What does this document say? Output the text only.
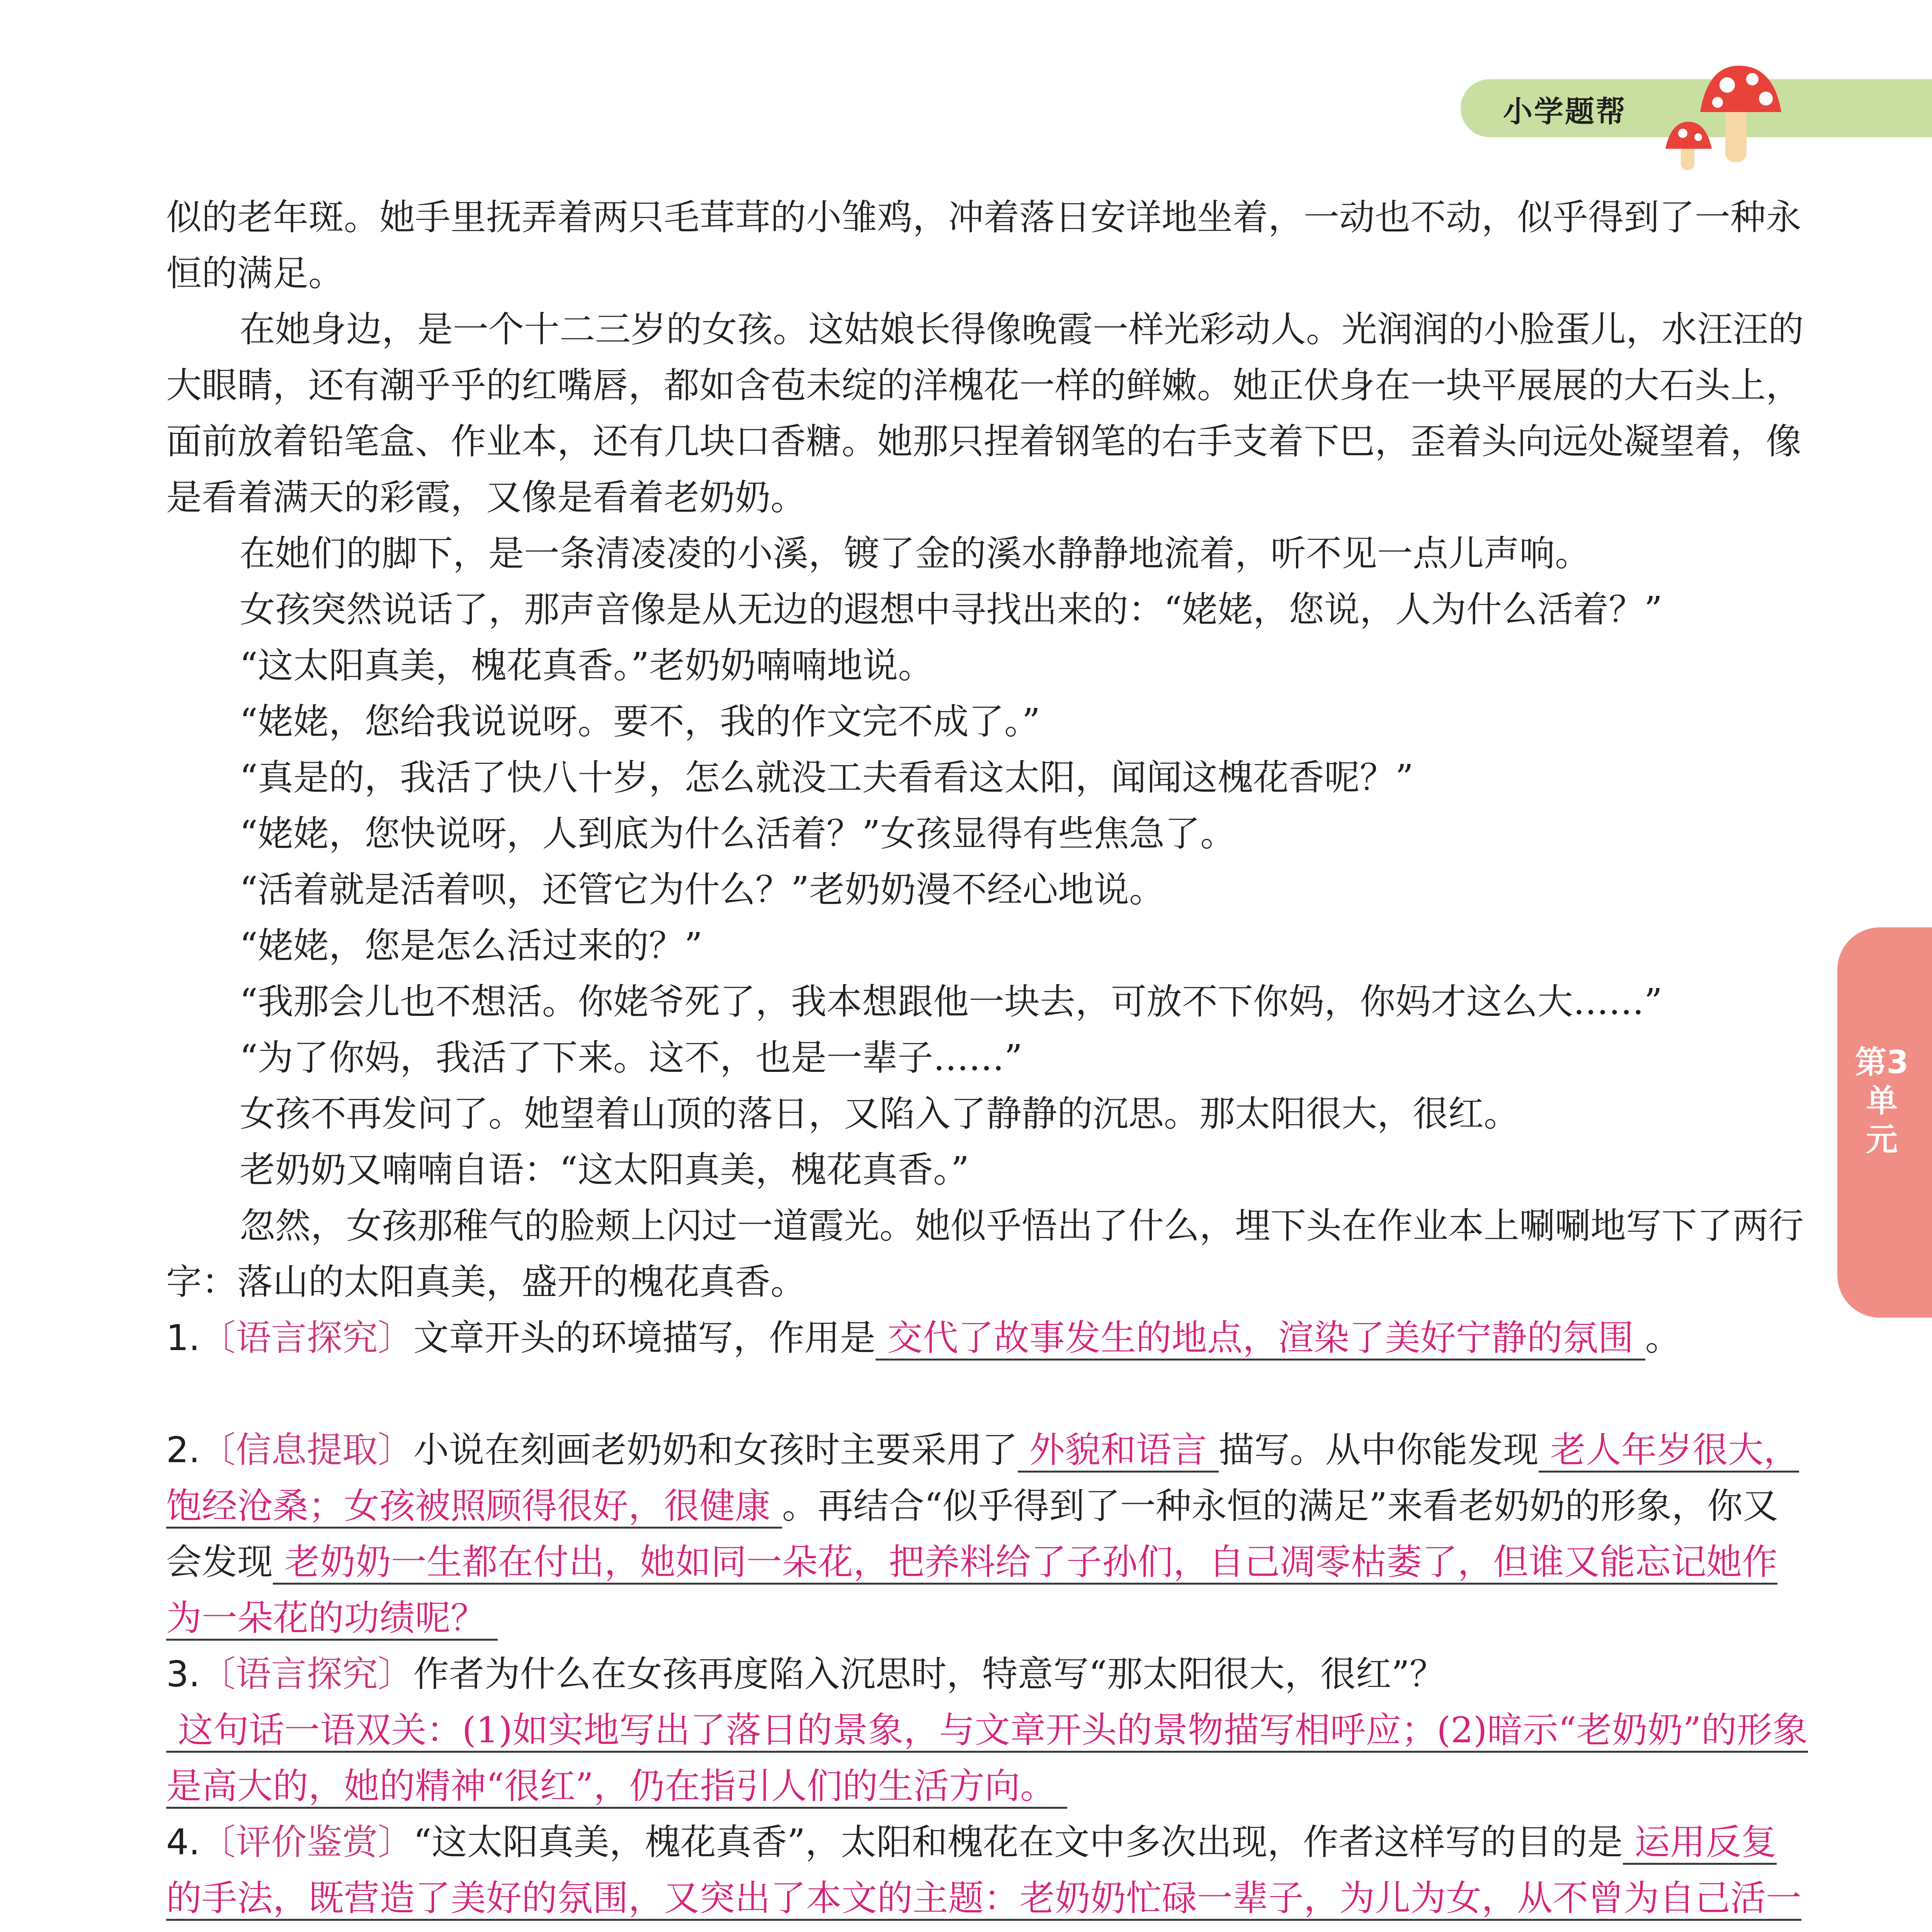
小学题帮
第3单元

似的老年斑。她手里抚弄着两只毛茸茸的小雏鸡，冲着落日安详地坐着，一动也不动，似乎得到了一种永恒的满足。

在她身边，是一个十二三岁的女孩。这姑娘长得像晚霞一样光彩动人。光润润的小脸蛋儿，水汪汪的大眼睛，还有潮乎乎的红嘴唇，都如含苞未绽的洋槐花一样的鲜嫩。她正伏身在一块平展展的大石头上，面前放着铅笔盒、作业本，还有几块口香糖。她那只捏着钢笔的右手支着下巴，歪着头向远处凝望着，像是看着满天的彩霞，又像是看着老奶奶。

在她们的脚下，是一条清凌凌的小溪，镀了金的溪水静静地流着，听不见一点儿声响。

女孩突然说话了，那声音像是从无边的遐想中寻找出来的：“姥姥，您说，人为什么活着？”

“这太阳真美，槐花真香。”老奶奶喃喃地说。

“姥姥，您给我说说呀。要不，我的作文完不成了。”

“真是的，我活了快八十岁，怎么就没工夫看看这太阳，闻闻这槐花香呢？”

“姥姥，您快说呀，人到底为什么活着？”女孩显得有些焦急了。

“活着就是活着呗，还管它为什么？”老奶奶漫不经心地说。

“姥姥，您是怎么活过来的？”

“我那会儿也不想活。你姥爷死了，我本想跟他一块去，可放不下你妈，你妈才这么大……”

“为了你妈，我活了下来。这不，也是一辈子……”

女孩不再发问了。她望着山顶的落日，又陷入了静静的沉思。那太阳很大，很红。

老奶奶又喃喃自语：“这太阳真美，槐花真香。”

忽然，女孩那稚气的脸颊上闪过一道霞光。她似乎悟出了什么，埋下头在作业本上唰唰地写下了两行字：落山的太阳真美，盛开的槐花真香。

1.〔语言探究〕文章开头的环境描写，作用是 交代了故事发生的地点，渲染了美好宁静的氛围 。

2.〔信息提取〕小说在刻画老奶奶和女孩时主要采用了 外貌和语言 描写。从中你能发现 老人年岁很大，饱经沧桑；女孩被照顾得很好，很健康 。再结合“似乎得到了一种永恒的满足”来看老奶奶的形象，你又会发现 老奶奶一生都在付出，她如同一朵花，把养料给了子孙们，自己凋零枯萎了，但谁又能忘记她作为一朵花的功绩呢？

3.〔语言探究〕作者为什么在女孩再度陷入沉思时，特意写“那太阳很大，很红”？
这句话一语双关：(1)如实地写出了落日的景象，与文章开头的景物描写相呼应；(2)暗示“老奶奶”的形象是高大的，她的精神“很红”，仍在指引人们的生活方向。

4.〔评价鉴赏〕“这太阳真美，槐花真香”，太阳和槐花在文中多次出现，作者这样写的目的是 运用反复的手法，既营造了美好的氛围，又突出了本文的主题：老奶奶忙碌一辈子，为儿为女，从不曾为自己活一
